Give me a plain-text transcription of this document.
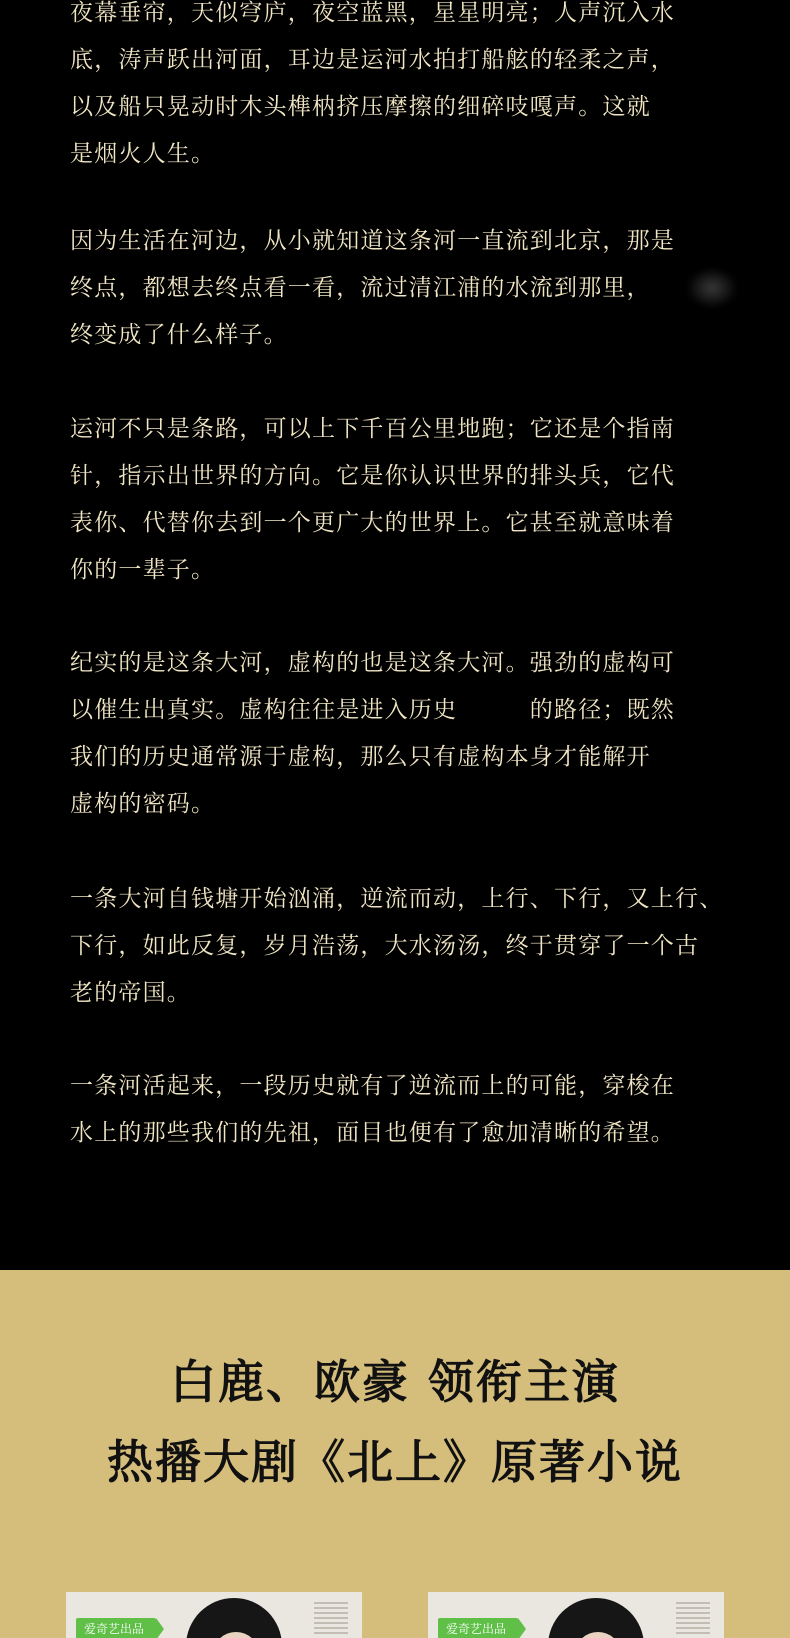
夜幕垂帘，天似穹庐，夜空蓝黑，星星明亮；人声沉入水
底，涛声跃出河面，耳边是运河水拍打船舷的轻柔之声，
以及船只晃动时木头榫枘挤压摩擦的细碎吱嘎声。这就
是烟火人生。

因为生活在河边，从小就知道这条河一直流到北京，那是
终点，都想去终点看一看，流过清江浦的水流到那里，
终变成了什么样子。

运河不只是条路，可以上下千百公里地跑；它还是个指南
针，指示出世界的方向。它是你认识世界的排头兵，它代
表你、代替你去到一个更广大的世界上。它甚至就意味着
你的一辈子。

纪实的是这条大河，虚构的也是这条大河。强劲的虚构可
以催生出真实。虚构往往是进入历史　　　的路径；既然
我们的历史通常源于虚构，那么只有虚构本身才能解开
虚构的密码。

一条大河自钱塘开始汹涌，逆流而动，上行、下行，又上行、
下行，如此反复，岁月浩荡，大水汤汤，终于贯穿了一个古
老的帝国。

一条河活起来，一段历史就有了逆流而上的可能，穿梭在
水上的那些我们的先祖，面目也便有了愈加清晰的希望。

白鹿、欧豪 领衔主演
热播大剧《北上》原著小说
爱奇艺出品	爱奇艺出品
